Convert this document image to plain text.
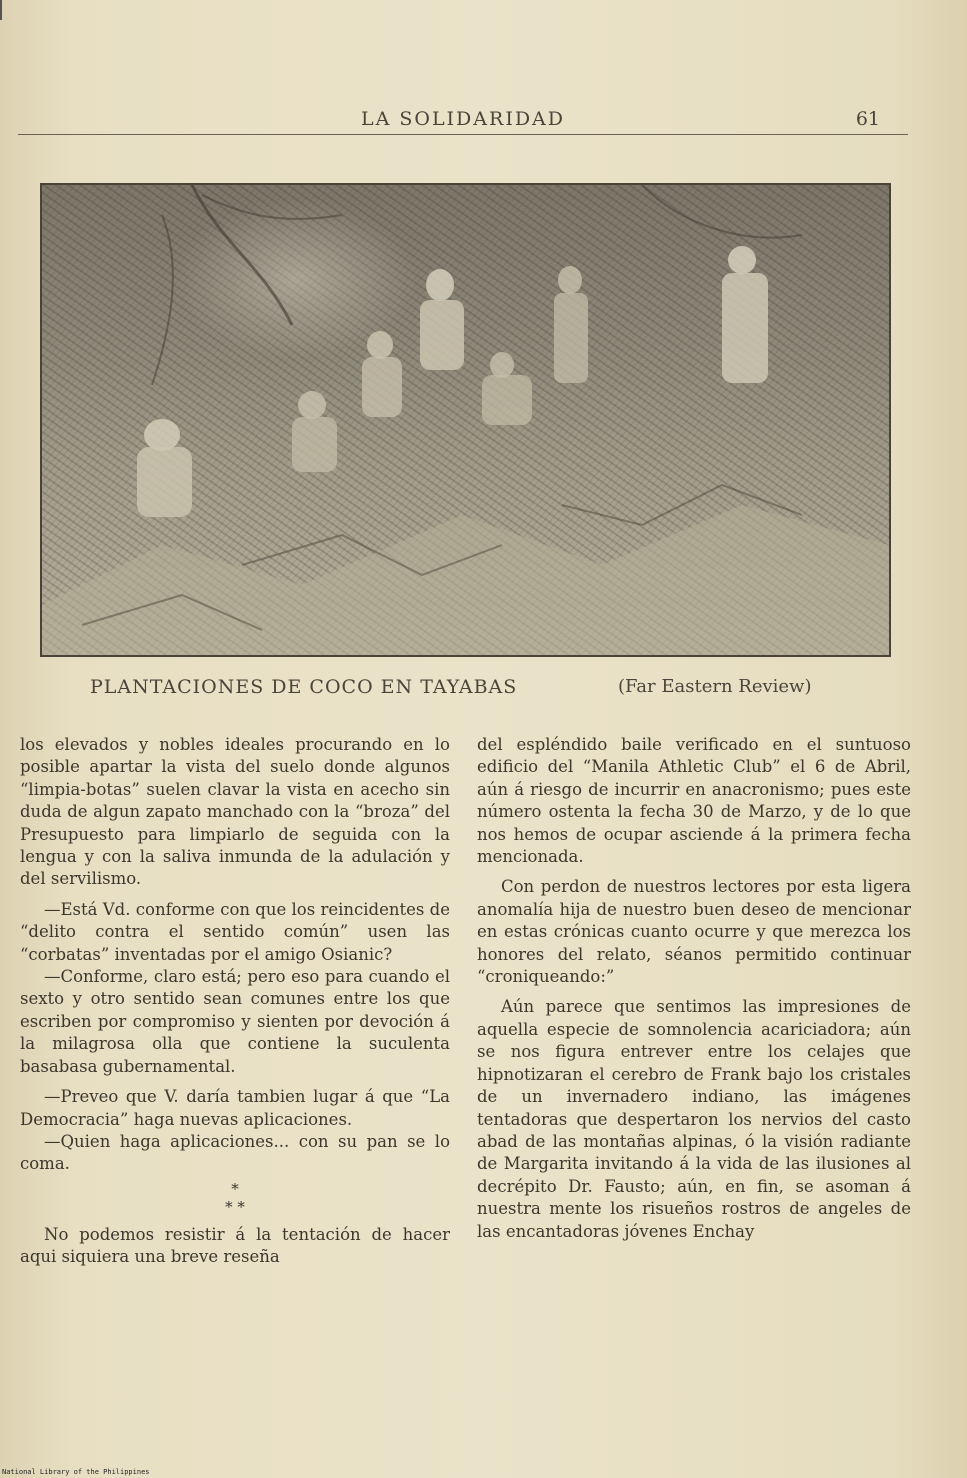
LA SOLIDARIDAD	61
PLANTACIONES DE COCO EN TAYABAS	(Far Eastern Review)

los elevados y nobles ideales procurando en lo posible apartar la vista del suelo donde algunos “limpia-botas” suelen clavar la vista en acecho sin duda de algun zapato manchado con la “broza” del Presupuesto para limpiarlo de seguida con la lengua y con la saliva inmunda de la adulación y del servilismo.

—Está Vd. conforme con que los reincidentes de “delito contra el sentido común” usen las “corbatas” inventadas por el amigo Osianic?

—Conforme, claro está; pero eso para cuando el sexto y otro sentido sean comunes entre los que escriben por compromiso y sienten por devoción á la milagrosa olla que contiene la suculenta basabasa gubernamental.

—Preveo que V. daría tambien lugar á que “La Democracia” haga nuevas aplicaciones.

—Quien haga aplicaciones... con su pan se lo coma.

*
* *

No podemos resistir á la tentación de hacer aqui siquiera una breve reseña

del espléndido baile verificado en el suntuoso edificio del “Manila Athletic Club” el 6 de Abril, aún á riesgo de incurrir en anacronismo; pues este número ostenta la fecha 30 de Marzo, y de lo que nos hemos de ocupar asciende á la primera fecha mencionada.

Con perdon de nuestros lectores por esta ligera anomalía hija de nuestro buen deseo de mencionar en estas crónicas cuanto ocurre y que merezca los honores del relato, séanos permitido continuar “croniqueando:”

Aún parece que sentimos las impresiones de aquella especie de somnolencia acariciadora; aún se nos figura entrever entre los celajes que hipnotizaran el cerebro de Frank bajo los cristales de un invernadero indiano, las imágenes tentadoras que despertaron los nervios del casto abad de las montañas alpinas, ó la visión radiante de Margarita invitando á la vida de las ilusiones al decrépito Dr. Fausto; aún, en fin, se asoman á nuestra mente los risueños rostros de angeles de las encantadoras jóvenes Enchay

National Library of the Philippines
